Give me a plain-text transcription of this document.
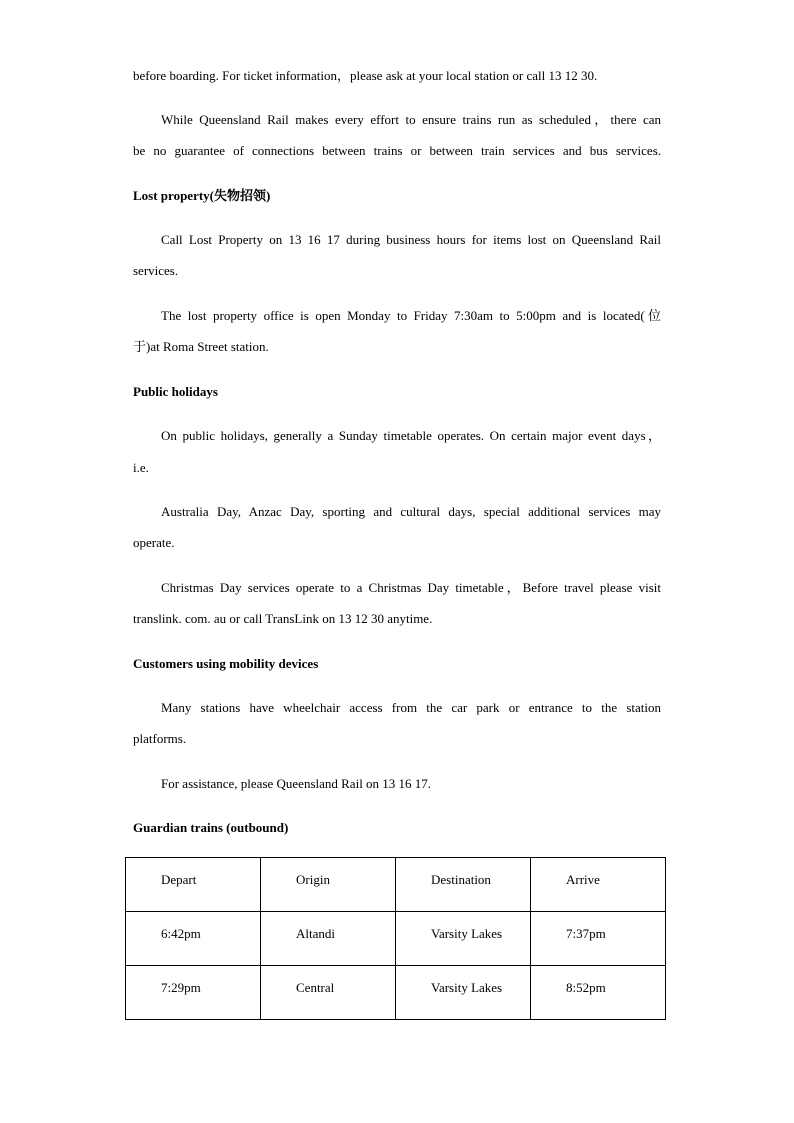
before boarding. For ticket information，please ask at your local station or call 13 12 30.
While Queensland Rail makes every effort to ensure trains run as scheduled，there can
be no guarantee of connections between trains or between train services and bus services.
Lost property(失物招领)
Call Lost Property on 13 16 17 during business hours for items lost on Queensland Rail
services.
The lost property office is open Monday to Friday 7:30am to 5:00pm and is located(位
于)at Roma Street station.
Public holidays
On public holidays, generally a Sunday timetable operates. On certain major event days，
i.e.
Australia Day, Anzac Day, sporting and cultural days, special additional services may
operate.
Christmas Day services operate to a Christmas Day timetable，Before travel please visit
translink. com. au or call TransLink on 13 12 30 anytime.
Customers using mobility devices
Many stations have wheelchair access from the car park or entrance to the station
platforms.
For assistance, please Queensland Rail on 13 16 17.
Guardian trains (outbound)
Depart	Origin	Destination	Arrive
6:42pm	Altandi	Varsity Lakes	7:37pm
7:29pm	Central	Varsity Lakes	8:52pm
